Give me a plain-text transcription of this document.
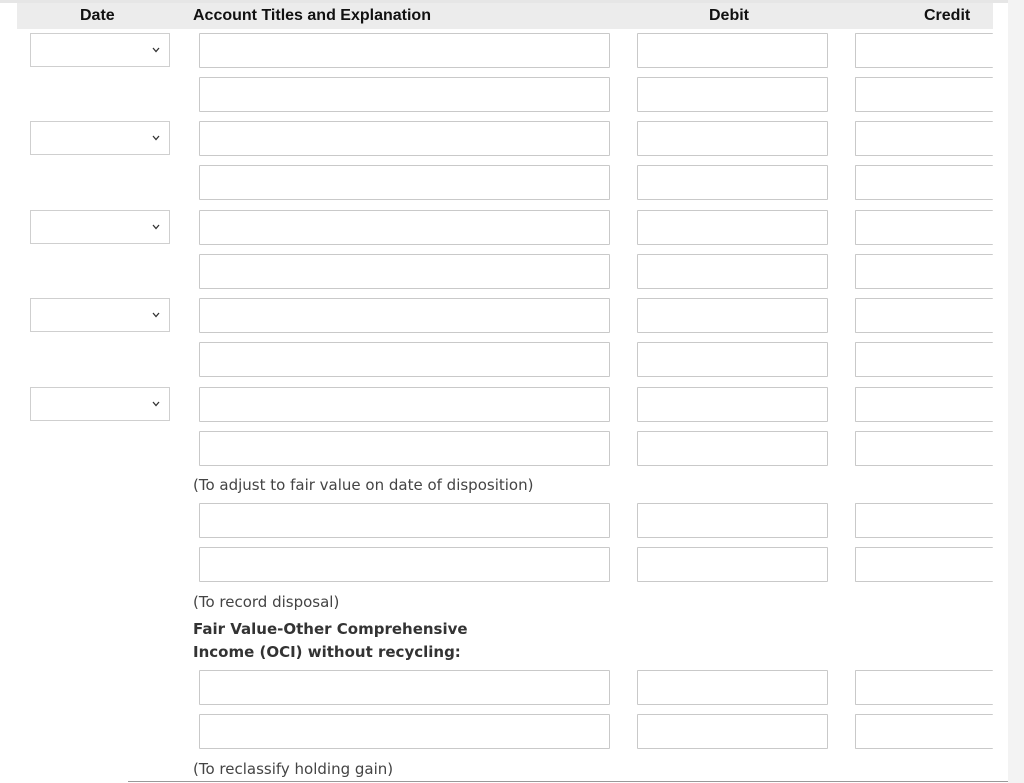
Date	Account Titles and Explanation	Debit	Credit
(To adjust to fair value on date of disposition)
(To record disposal)
Fair Value-Other Comprehensive
Income (OCI) without recycling:
(To reclassify holding gain)
